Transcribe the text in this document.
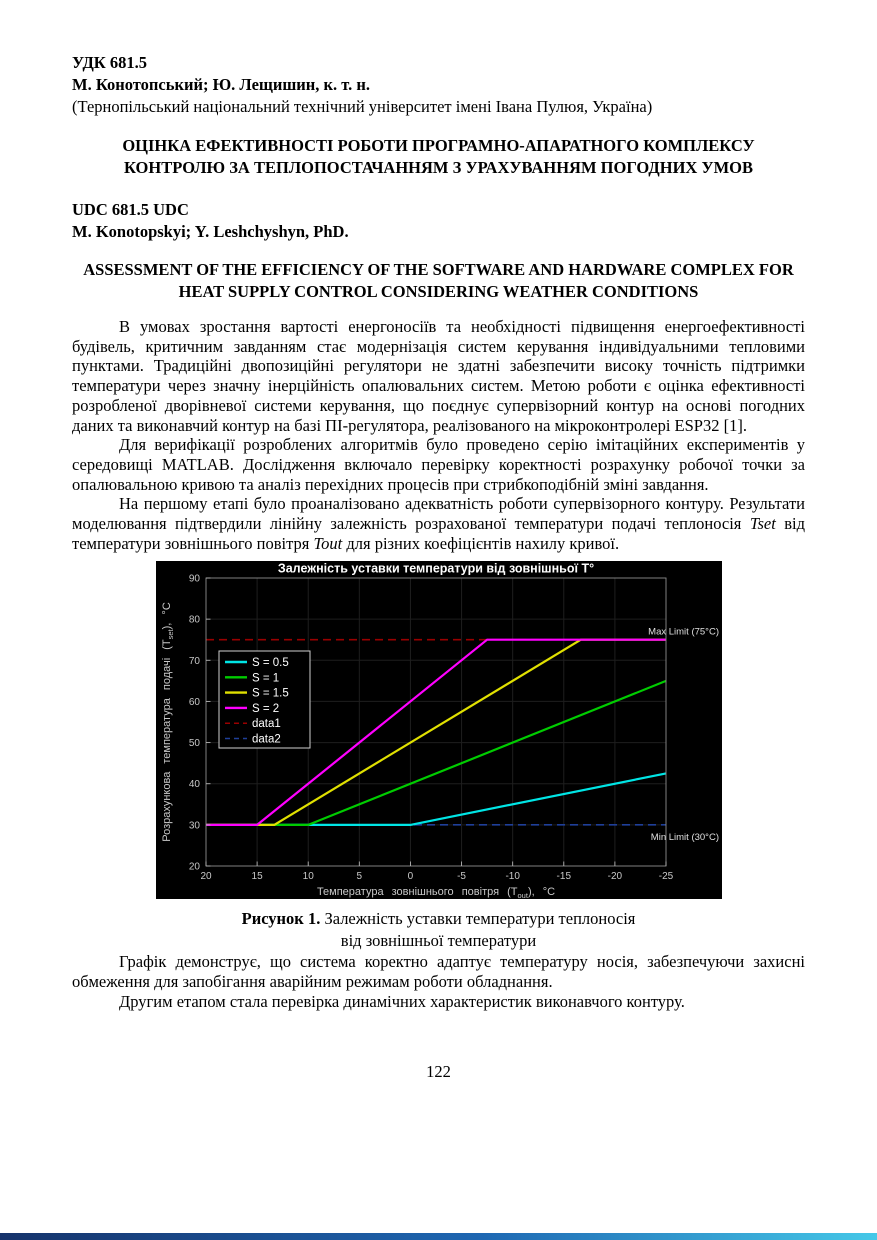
УДК 681.5
М. Конотопський; Ю. Лещишин, к. т. н.
(Тернопільський національний технічний університет імені Івана Пулюя, Україна)
ОЦІНКА ЕФЕКТИВНОСТІ РОБОТИ ПРОГРАМНО-АПАРАТНОГО КОМПЛЕКСУ КОНТРОЛЮ ЗА ТЕПЛОПОСТАЧАННЯМ З УРАХУВАННЯМ ПОГОДНИХ УМОВ
UDC 681.5 UDC
M. Konotopskyi; Y. Leshchyshyn, PhD.
ASSESSMENT OF THE EFFICIENCY OF THE SOFTWARE AND HARDWARE COMPLEX FOR HEAT SUPPLY CONTROL CONSIDERING WEATHER CONDITIONS
В умовах зростання вартості енергоносіїв та необхідності підвищення енергоефективності будівель, критичним завданням стає модернізація систем керування індивідуальними тепловими пунктами. Традиційні двопозиційні регулятори не здатні забезпечити високу точність підтримки температури через значну інерційність опалювальних систем. Метою роботи є оцінка ефективності розробленої дворівневої системи керування, що поєднує супервізорний контур на основі погодних даних та виконавчий контур на базі ПІ-регулятора, реалізованого на мікроконтролері ESP32 [1].
Для верифікації розроблених алгоритмів було проведено серію імітаційних експериментів у середовищі MATLAB. Дослідження включало перевірку коректності розрахунку робочої точки за опалювальною кривою та аналіз перехідних процесів при стрибкоподібній зміні завдання.
На першому етапі було проаналізовано адекватність роботи супервізорного контуру. Результати моделювання підтвердили лінійну залежність розрахованої температури подачі теплоносія Tset від температури зовнішнього повітря Tout для різних коефіцієнтів нахилу кривої.
20	15	10	5	0	-5	-10	-15	-20	-25
20
30
40
50
60
70
80
90
Залежність уставки температури від зовнішньої T°
Температура зовнішнього повітря $(T_{out})$, °C
Розрахункова температура подачі $(T_{set})$, °C
Max Limit (75°C)
Min Limit (30°C)
S = 0.5
S = 1
S = 1.5
S = 2
data1
data2
Рисунок 1. Залежність уставки температури теплоносія
від зовнішньої температури
Графік демонструє, що система коректно адаптує температуру носія, забезпечуючи захисні обмеження для запобігання аварійним режимам роботи обладнання.
Другим етапом стала перевірка динамічних характеристик виконавчого контуру.
122
